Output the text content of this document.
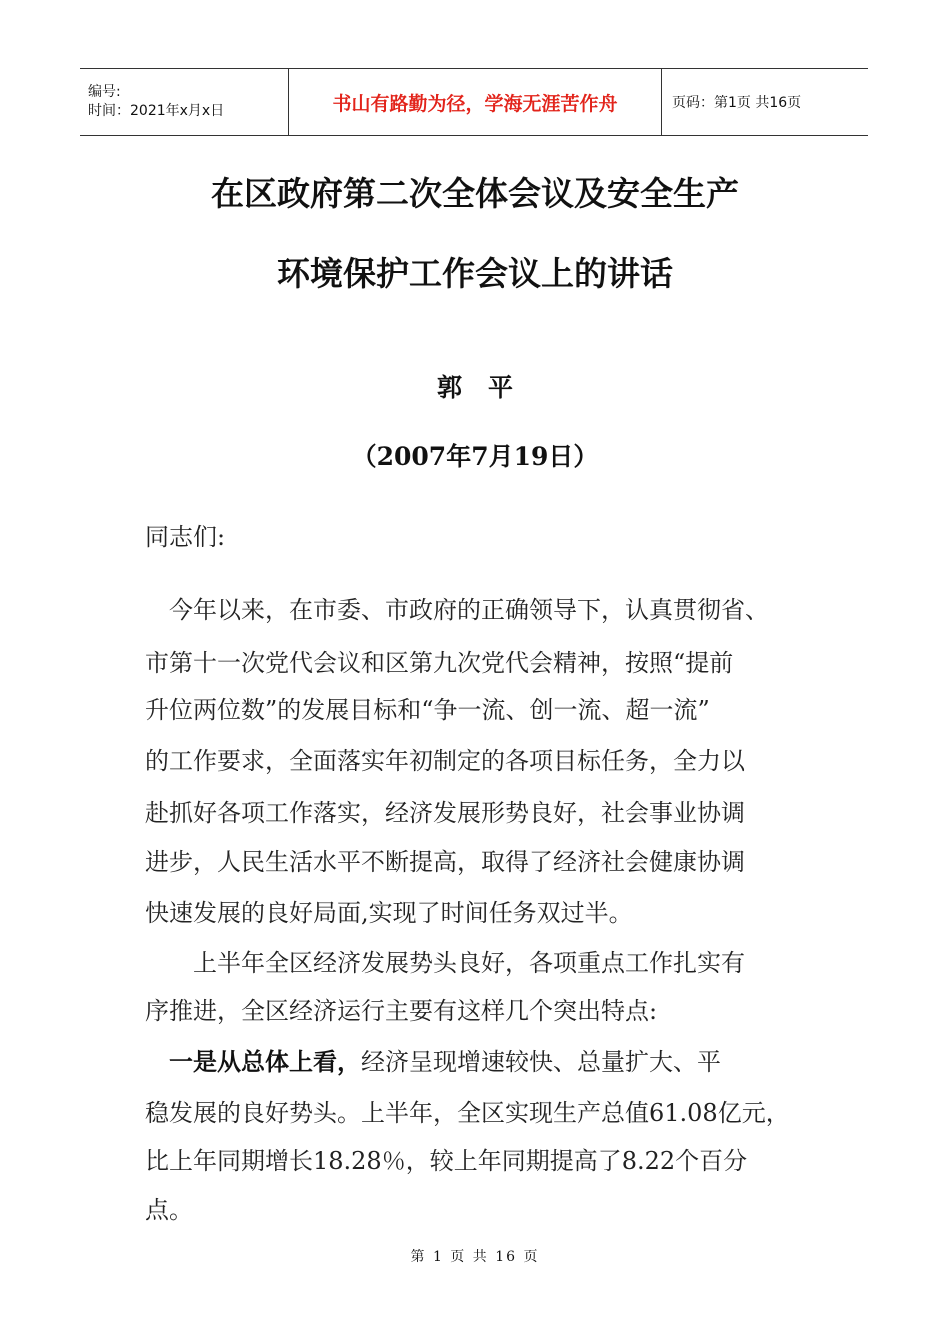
编号:
时间：2021年x月x日	书山有路勤为径，学海无涯苦作舟	页码：第1页 共16页
在区政府第二次全体会议及安全生产
环境保护工作会议上的讲话
郭平
（2007年7月19日）
同志们:
　今年以来，在市委、市政府的正确领导下，认真贯彻省、
市第十一次党代会议和区第九次党代会精神，按照“提前
升位两位数”的发展目标和“争一流、创一流、超一流”
的工作要求，全面落实年初制定的各项目标任务，全力以
赴抓好各项工作落实，经济发展形势良好，社会事业协调
进步，人民生活水平不断提高，取得了经济社会健康协调
快速发展的良好局面,实现了时间任务双过半。
　　上半年全区经济发展势头良好，各项重点工作扎实有
序推进，全区经济运行主要有这样几个突出特点:
　一是从总体上看，经济呈现增速较快、总量扩大、平
稳发展的良好势头。上半年，全区实现生产总值61.08亿元，
比上年同期增长18.28％，较上年同期提高了8.22个百分
点。
第 1 页 共 16 页
